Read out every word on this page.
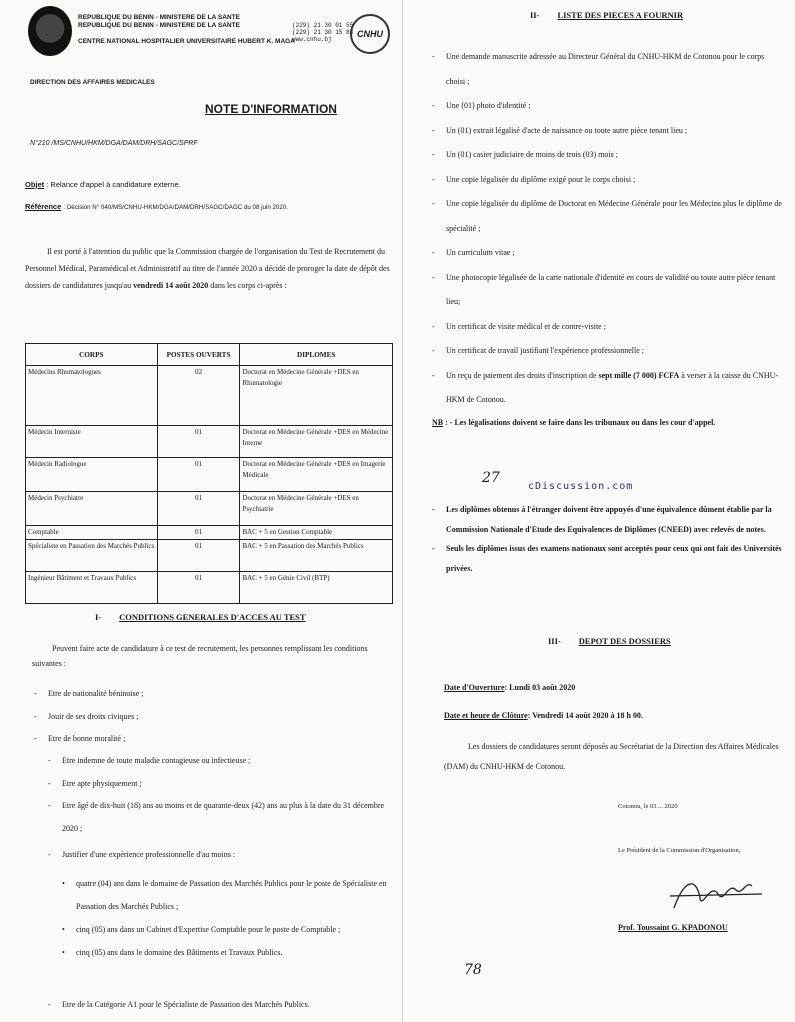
REPUBLIQUE DU BENIN - MINISTERE DE LA SANTE
REPUBLIQUE DU BENIN - MINISTERE DE LA SANTE
CENTRE NATIONAL HOSPITALIER UNIVERSITAIRE HUBERT K. MAGA
(229) 21 30 01 55
(229) 21 30 15 88
www.cnhu.bj
CNHU
DIRECTION DES AFFAIRES MEDICALES
NOTE D'INFORMATION
N°210 /MS/CNHU/HKM/DGA/DAM/DRH/SAGC/SPRF
Objet : Relance d'appel à candidature externe.
Référence : Décision N° 040/MS/CNHU-HKM/DGA/DAM/DRH/SAGC/DAGC du 08 juin 2020.
Il est porté à l'attention du public que la Commission chargée de l'organisation du Test de Recrutement du Personnel Médical, Paramédical et Administratif au titre de l'année 2020 a décidé de proroger la date de dépôt des dossiers de candidatures jusqu'au vendredi 14 août 2020 dans les corps ci-après :
CORPS	POSTES OUVERTS	DIPLOMES
Médecins Rhumatologues	02	Doctorat en Médecine Générale +DES en Rhumatologie
Médecin Interniste	01	Doctorat en Médecine Générale +DES en Médecine Interne
Médecin Radiologue	01	Doctorat en Médecine Générale +DES en Imagerie Médicale
Médecin Psychiatre	01	Doctorat en Médecine Générale +DES en Psychiatrie
Comptable	01	BAC + 5 en Gestion Comptable
Spécialiste en Passation des Marchés Publics	01	BAC + 5 en Passation des Marchés Publics
Ingénieur Bâtiment et Travaux Publics	01	BAC + 5 en Génie Civil (BTP)
I- CONDITIONS GENERALES D'ACCES AU TEST
Peuvent faire acte de candidature à ce test de recrutement, les personnes remplissant les conditions suivantes :
- Etre de nationalité béninoise ;
- Jouir de ses droits civiques ;
- Etre de bonne moralité ;
- Etre indemne de toute maladie contagieuse ou infectieuse ;
- Etre apte physiquement ;
- Etre âgé de dix-huit (18) ans au moins et de quarante-deux (42) ans au plus à la date du 31 décembre 2020 ;
- Justifier d'une expérience professionnelle d'au moins :
• quatre (04) ans dans le domaine de Passation des Marchés Publics pour le poste de Spécialiste en Passation des Marchés Publics ;
• cinq (05) ans dans un Cabinet d'Expertise Comptable pour le poste de Comptable ;
• cinq (05) ans dans le domaine des Bâtiments et Travaux Publics.
- Etre de la Catégorie A1 pour le Spécialiste de Passation des Marchés Publics.
II- LISTE DES PIECES A FOURNIR
- Une demande manuscrite adressée au Directeur Général du CNHU-HKM de Cotonou pour le corps choisi ;
- Une (01) photo d'identité ;
- Un (01) extrait légalisé d'acte de naissance ou toute autre pièce tenant lieu ;
- Un (01) casier judiciaire de moins de trois (03) mois ;
- Une copie légalisée du diplôme exigé pour le corps choisi ;
- Une copie légalisée du diplôme de Doctorat en Médecine Générale pour les Médecins plus le diplôme de spécialité ;
- Un curriculum vitae ;
- Une photocopie légalisée de la carte nationale d'identité en cours de validité ou toute autre pièce tenant lieu;
- Un certificat de visite médical et de contre-visite ;
- Un certificat de travail justifiant l'expérience professionnelle ;
- Un reçu de paiement des droits d'inscription de sept mille (7 000) FCFA à verser à la caisse du CNHU-HKM de Cotonou.
NB : - Les légalisations doivent se faire dans les tribunaux ou dans les cour d'appel.
27
- Les diplômes obtenus à l'étranger doivent être appuyés d'une équivalence dûment établie par la Commission Nationale d'Etude des Equivalences de Diplômes (CNEED) avec relevés de notes.
- Seuls les diplômes issus des examens nationaux sont acceptés pour ceux qui ont fait des Universités privées.
III- DEPOT DES DOSSIERS
Date d'Ouverture: Lundi 03 août 2020
Date et heure de Clôture: Vendredi 14 août 2020 à 18 h 00.
Les dossiers de candidatures seront déposés au Secrétariat de la Direction des Affaires Médicales (DAM) du CNHU-HKM de Cotonou.
Cotonou, le 03 ... 2020
Le Président de la Commission d'Organisation,
Prof. Toussaint G. KPADONOU
78
cDiscussion.com
